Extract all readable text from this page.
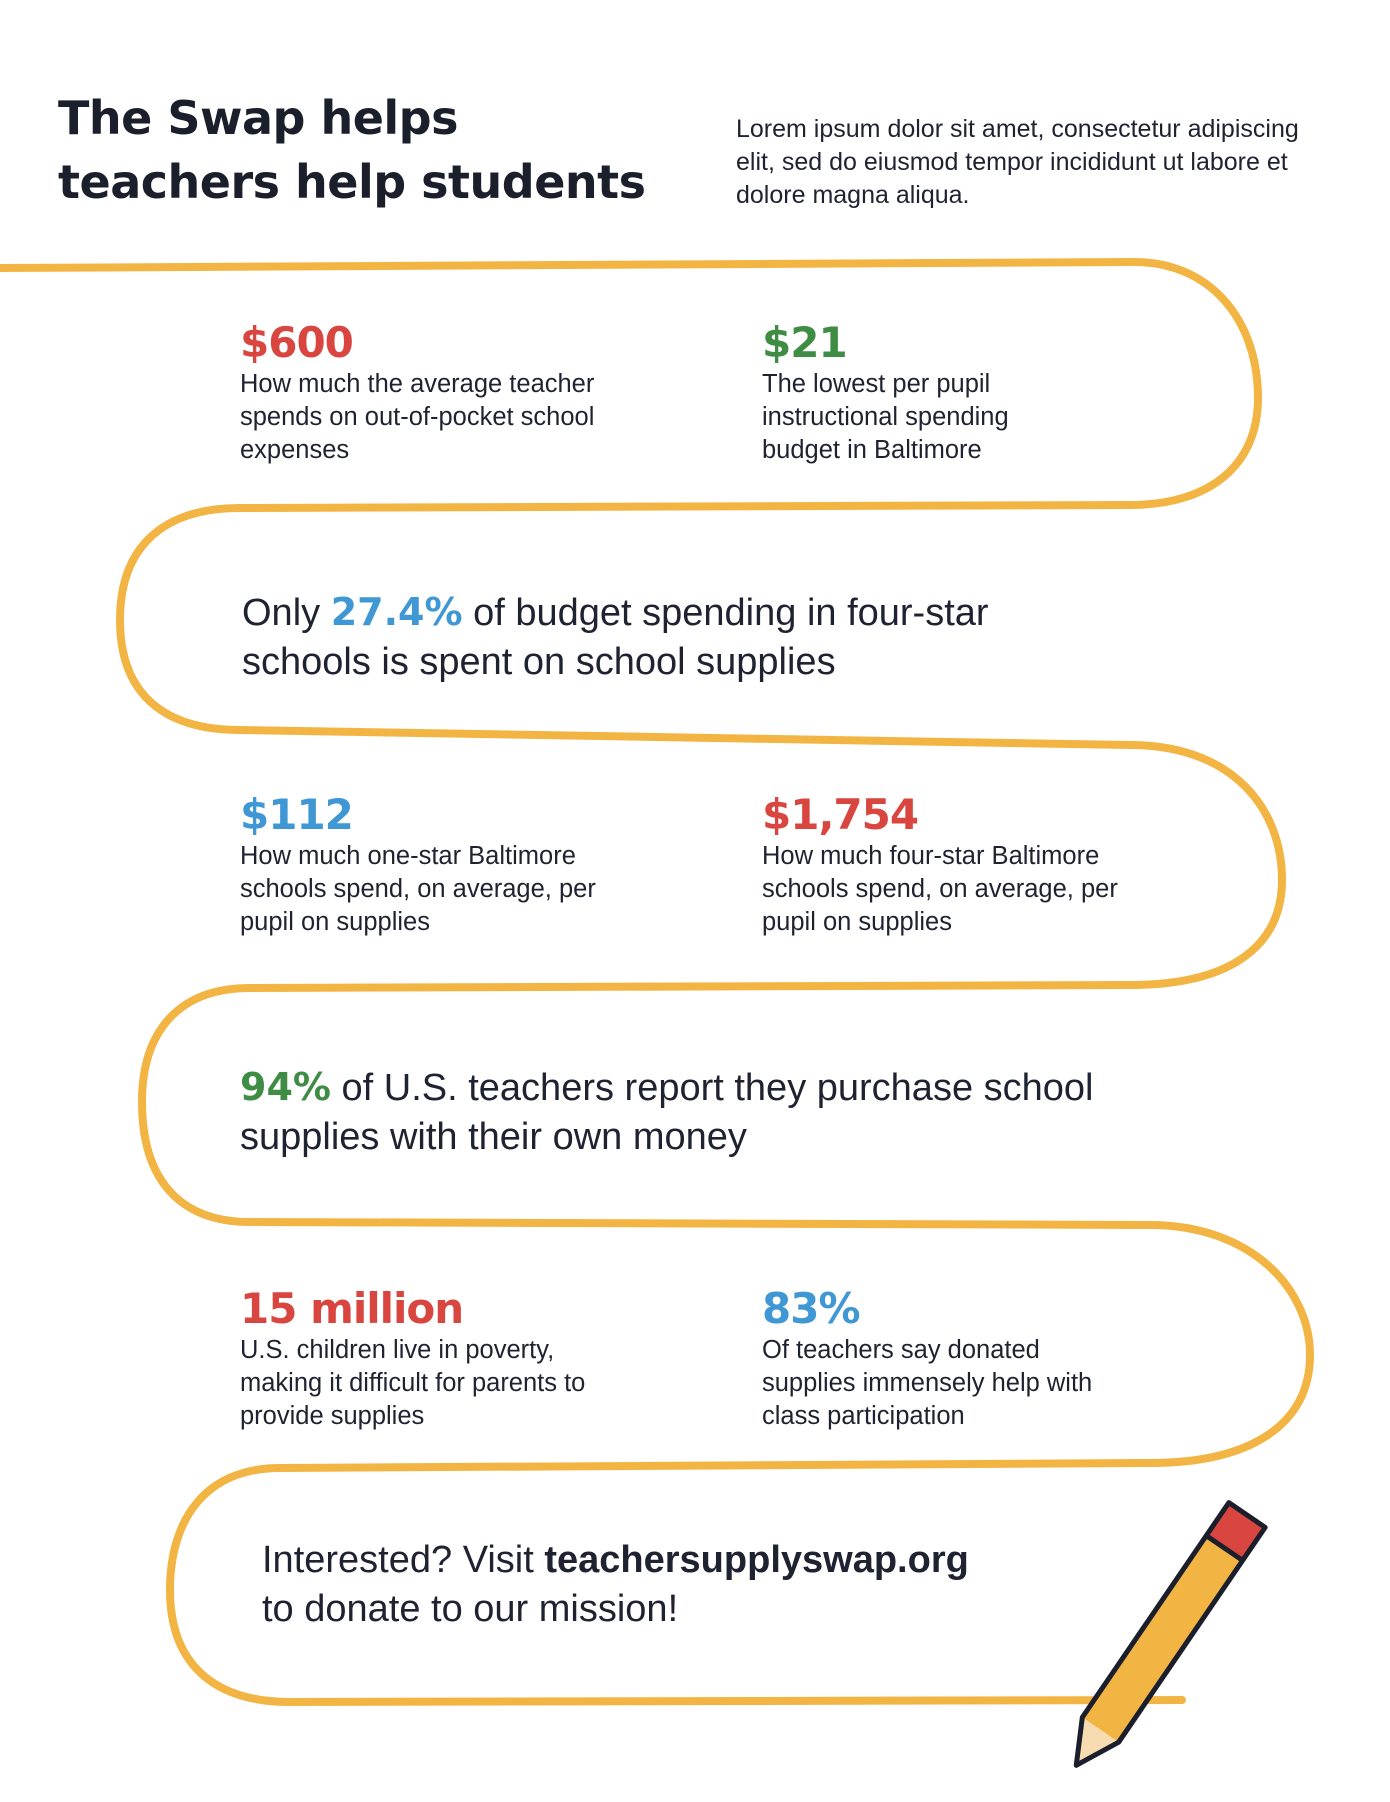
The Swap helps
teachers help students

Lorem ipsum dolor sit amet, consectetur adipiscing elit, sed do eiusmod tempor incididunt ut labore et dolore magna aliqua.

$600
How much the average teacher spends on out-of-pocket school expenses
$21
The lowest per pupil instructional spending budget in Baltimore

Only 27.4% of budget spending in four-star schools is spent on school supplies

$112
How much one-star Baltimore schools spend, on average, per pupil on supplies
$1,754
How much four-star Baltimore schools spend, on average, per pupil on supplies

94% of U.S. teachers report they purchase school supplies with their own money

15 million
U.S. children live in poverty, making it difficult for parents to provide supplies
83%
Of teachers say donated supplies immensely help with class participation

Interested? Visit teachersupplyswap.org
to donate to our mission!
